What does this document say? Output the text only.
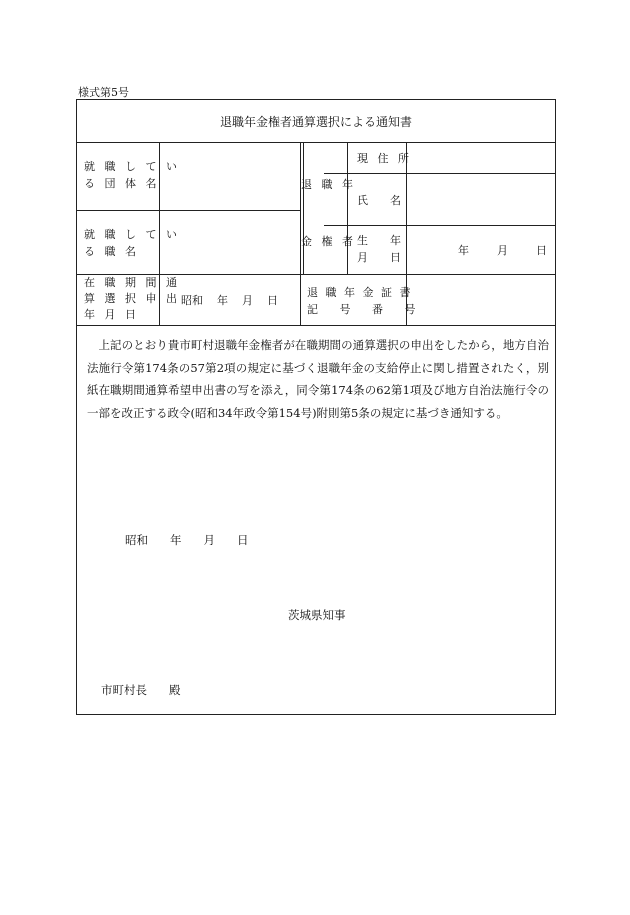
様式第5号
退職年金権者通算選択による通知書
就 職 し て い
る 団 体 名
就 職 し て い
る 職 名
在 職 期 間 通
算 選 択 申 出
年 月 日
昭和 年 月 日
退 職 年
金 権 者
現 住 所
氏 名
生 年
月 日
年	月	日
退 職 年 金 証 書
記 号 番 号
上記のとおり貴市町村退職年金権者が在職期間の通算選択の申出をしたから，地方自治法施行令第174条の57第2項の規定に基づく退職年金の支給停止に関し措置されたく，別紙在職期間通算希望申出書の写を添え，同令第174条の62第1項及び地方自治法施行令の一部を改正する政令(昭和34年政令第154号)附則第5条の規定に基づき通知する。
昭和 年 月 日
茨城県知事
市町村長 殿
